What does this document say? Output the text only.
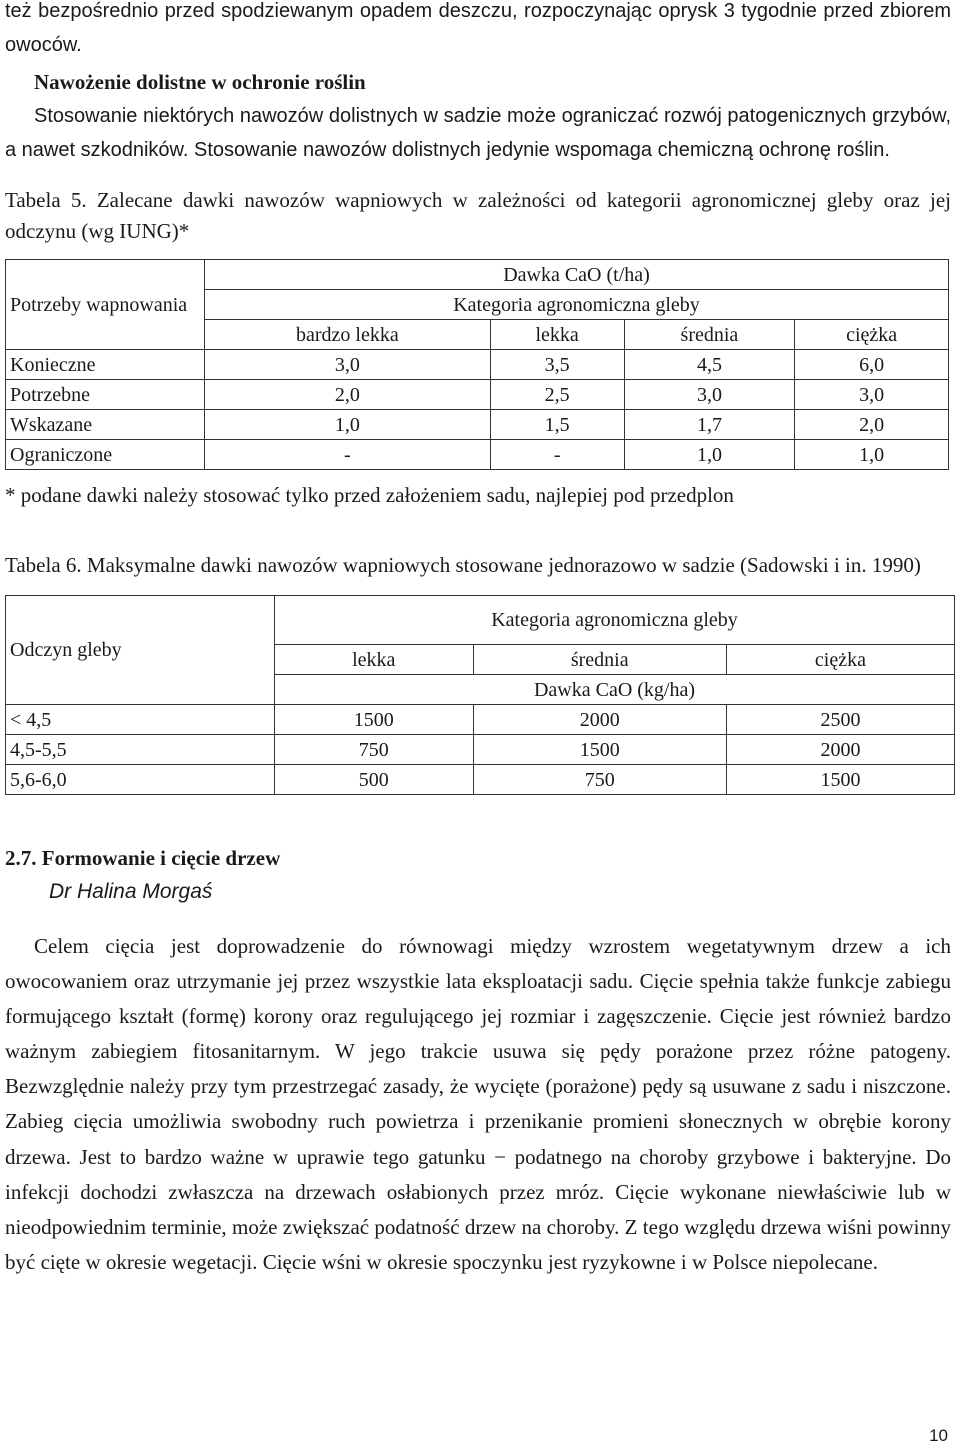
też bezpośrednio przed spodziewanym opadem deszczu, rozpoczynając oprysk 3 tygodnie przed zbiorem owoców.

Nawożenie dolistne w ochronie roślin

Stosowanie niektórych nawozów dolistnych w sadzie może ograniczać rozwój patogenicznych grzybów, a nawet szkodników. Stosowanie nawozów dolistnych jedynie wspomaga chemiczną ochronę roślin.

Tabela 5. Zalecane dawki nawozów wapniowych w zależności od kategorii agronomicznej gleby oraz jej odczynu (wg IUNG)*

Potrzeby wapnowania	Dawka CaO (t/ha)			
	Kategoria agronomiczna gleby			
	bardzo lekka	lekka	średnia	ciężka
Konieczne	3,0	3,5	4,5	6,0
Potrzebne	2,0	2,5	3,0	3,0
Wskazane	1,0	1,5	1,7	2,0
Ograniczone	-	-	1,0	1,0

* podane dawki należy stosować tylko przed założeniem sadu, najlepiej pod przedplon

Tabela 6. Maksymalne dawki nawozów wapniowych stosowane jednorazowo w sadzie (Sadowski i in. 1990)

Odczyn gleby	Kategoria agronomiczna gleby		
	lekka	średnia	ciężka
	Dawka CaO (kg/ha)		
< 4,5	1500	2000	2500
4,5-5,5	750	1500	2000
5,6-6,0	500	750	1500

2.7. Formowanie i cięcie drzew

Dr Halina Morgaś

Celem cięcia jest doprowadzenie do równowagi między wzrostem wegetatywnym drzew a ich owocowaniem oraz utrzymanie jej przez wszystkie lata eksploatacji sadu. Cięcie spełnia także funkcje zabiegu formującego kształt (formę) korony oraz regulującego jej rozmiar i zagęszczenie. Cięcie jest również bardzo ważnym zabiegiem fitosanitarnym. W jego trakcie usuwa się pędy porażone przez różne patogeny. Bezwzględnie należy przy tym przestrzegać zasady, że wycięte (porażone) pędy są usuwane z sadu i niszczone. Zabieg cięcia umożliwia swobodny ruch powietrza i przenikanie promieni słonecznych w obrębie korony drzewa. Jest to bardzo ważne w uprawie tego gatunku − podatnego na choroby grzybowe i bakteryjne. Do infekcji dochodzi zwłaszcza na drzewach osłabionych przez mróz. Cięcie wykonane niewłaściwie lub w nieodpowiednim terminie, może zwiększać podatność drzew na choroby. Z tego względu drzewa wiśni powinny być cięte w okresie wegetacji. Cięcie wśni w okresie spoczynku jest ryzykowne i w Polsce niepolecane.

10
